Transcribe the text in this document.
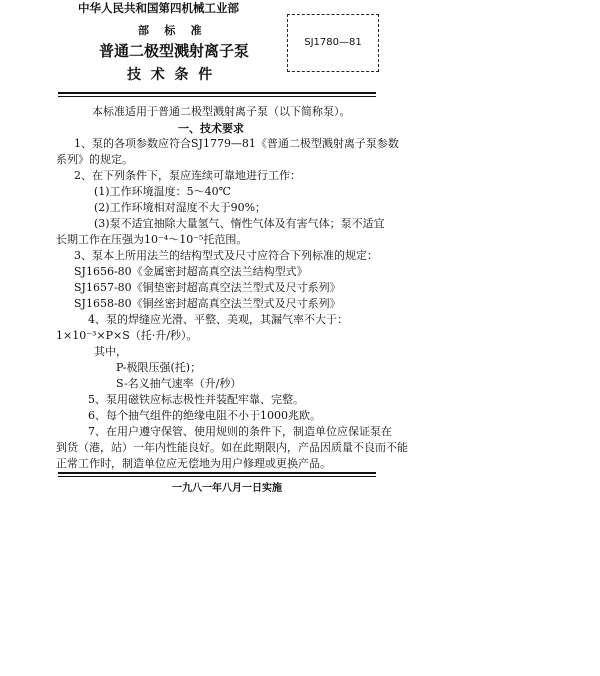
中华人民共和国第四机械工业部
部    标    准
普通二极型溅射离子泵
技  术  条  件
SJ1780—81
本标准适用于普通二极型溅射离子泵（以下简称泵）。
一、技术要求
1、泵的各项参数应符合SJ1779—81《普通二极型溅射离子泵参数
系列》的规定。
2、在下列条件下，泵应连续可靠地进行工作：
(1)工作环境温度：5～40℃
(2)工作环境相对湿度不大于90%；
(3)泵不适宜抽除大量氢气、惰性气体及有害气体；泵不适宜
长期工作在压强为10⁻⁴～10⁻⁵托范围。
3、泵本上所用法兰的结构型式及尺寸应符合下列标准的规定：
SJ1656-80《金属密封超高真空法兰结构型式》
SJ1657-80《铜垫密封超高真空法兰型式及尺寸系列》
SJ1658-80《铜丝密封超高真空法兰型式及尺寸系列》
4、泵的焊缝应光滑、平整、美观，其漏气率不大于：
1×10⁻³×P×S（托·升/秒）。
其中，
P-极限压强(托)；
S-名义抽气速率（升/秒）
5、泵用磁铁应标志极性并装配牢靠、完整。
6、每个抽气组件的绝缘电阻不小于1000兆欧。
7、在用户遵守保管、使用规则的条件下，制造单位应保证泵在
到货（港，站）一年内性能良好。如在此期限内，产品因质量不良而不能
正常工作时，制造单位应无偿地为用户修理或更换产品。
一九八一年八月一日实施
